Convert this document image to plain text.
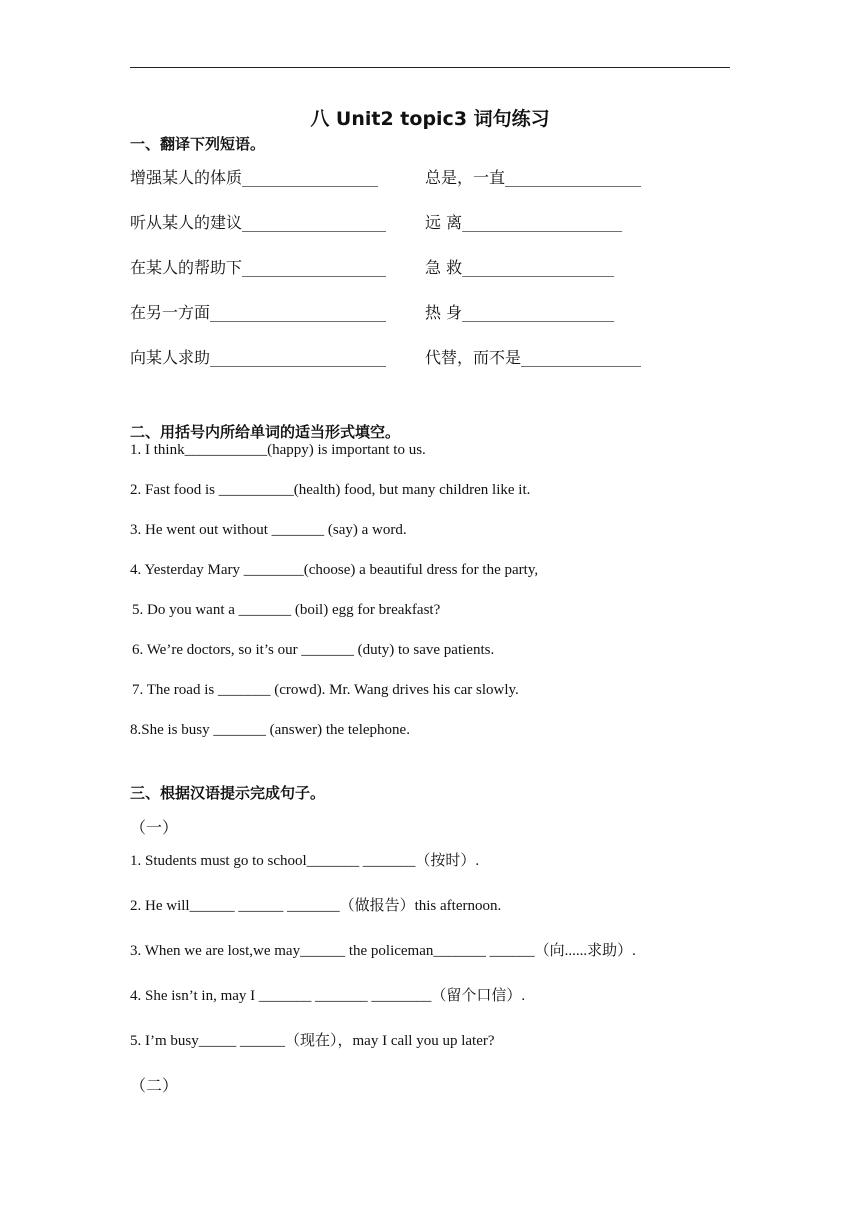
八 Unit2 topic3 词句练习
一、翻译下列短语。
增强某人的体质_________________	总是，一直_________________
听从某人的建议__________________ 远 离____________________
在某人的帮助下__________________ 急 救___________________
在另一方面______________________ 热 身___________________
向某人求助______________________ 代替，而不是_______________
二、用括号内所给单词的适当形式填空。
1. I think___________(happy) is important to us.
2. Fast food is __________(health) food, but many children like it.
3. He went out without _______ (say) a word.
4. Yesterday Mary ________(choose) a beautiful dress for the party,
5. Do you want a _______ (boil) egg for breakfast?
6. We’re doctors, so it’s our _______ (duty) to save patients.
7. The road is _______ (crowd). Mr. Wang drives his car slowly.
8.She is busy _______ (answer) the telephone.
三、根据汉语提示完成句子。
（一）
1. Students must go to school_______ _______（按时）.
2. He will______ ______ _______（做报告）this afternoon.
3. When we are lost,we may______ the policeman_______ ______（向......求助）.
4. She isn’t in, may I _______ _______ ________（留个口信）.
5. I’m busy_____ ______（现在），may I call you up later?
（二）
